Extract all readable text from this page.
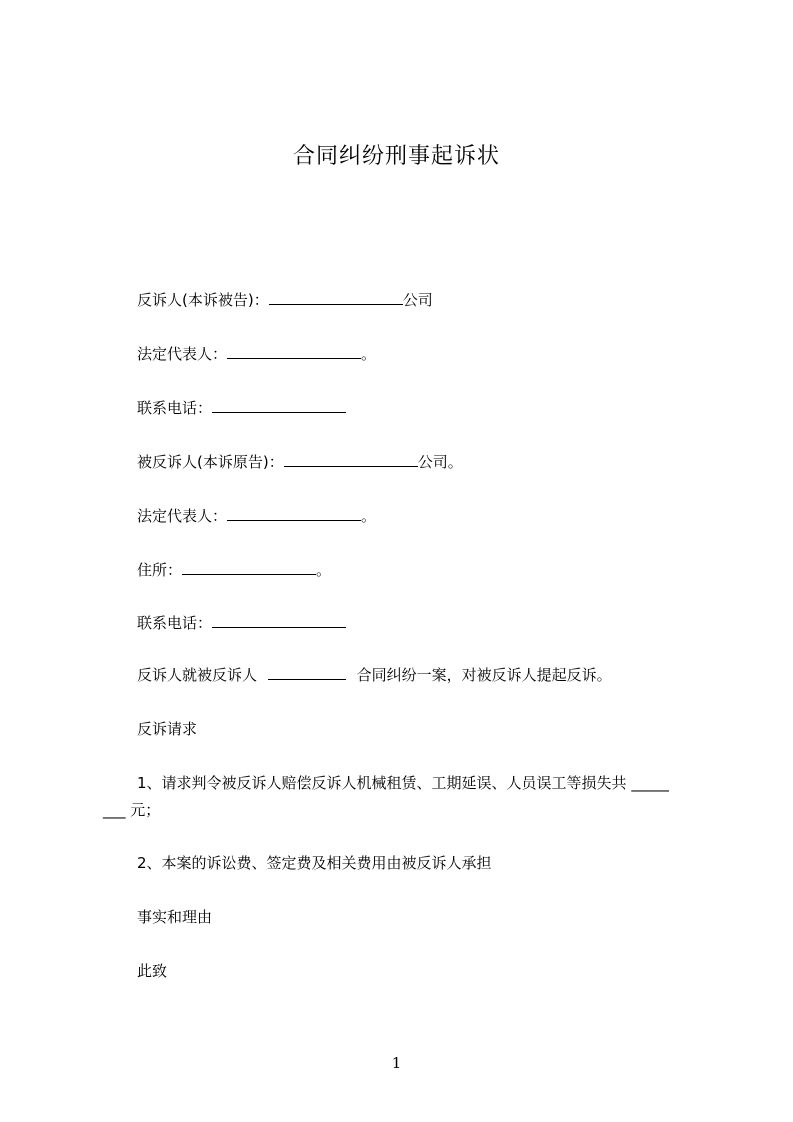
合同纠纷刑事起诉状
反诉人(本诉被告)：	公司
法定代表人：	。
联系电话：
被反诉人(本诉原告)：	公司。
法定代表人：	。
住所：	。
联系电话：
反诉人就被反诉人	合同纠纷一案，对被反诉人提起反诉。
反诉请求
1、请求判令被反诉人赔偿反诉人机械租赁、工期延误、人员误工等损失共 _____
___ 元；
2、本案的诉讼费、签定费及相关费用由被反诉人承担
事实和理由
此致
1
